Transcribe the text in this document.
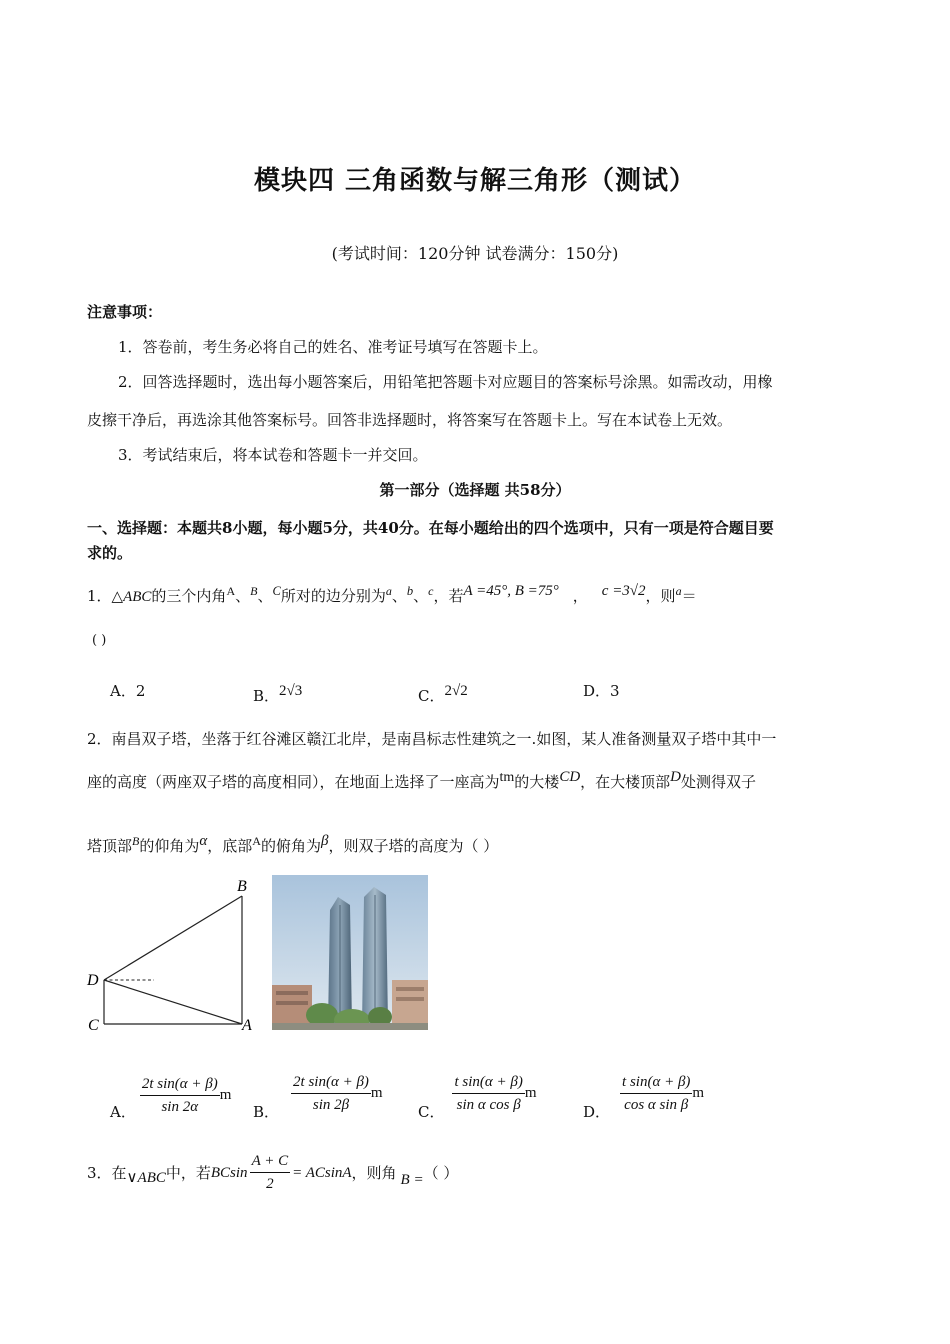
模块四 三角函数与解三角形（测试）
(考试时间：120分钟 试卷满分：150分)
注意事项：
1．答卷前，考生务必将自己的姓名、准考证号填写在答题卡上。
2．回答选择题时，选出每小题答案后，用铅笔把答题卡对应题目的答案标号涂黑。如需改动，用橡
皮擦干净后，再选涂其他答案标号。回答非选择题时，将答案写在答题卡上。写在本试卷上无效。
3．考试结束后，将本试卷和答题卡一并交回。
第一部分（选择题 共58分）
一、选择题：本题共8小题，每小题5分，共40分。在每小题给出的四个选项中，只有一项是符合题目要
求的。
1．△ABC的三个内角$^A$、$^B$、$^C$所对的边分别为$^a$、$^b$、$^c$，若$^{A =45^\circ, B =75^\circ}$ ， $^{c =3√2}$，则$^a$＝
( )
A．2	B．$^{2√3}$	C．$^{2√2}$	D．3
2．南昌双子塔，坐落于红谷滩区赣江北岸，是南昌标志性建筑之一.如图，某人准备测量双子塔中其中一
座的高度（两座双子塔的高度相同），在地面上选择了一座高为$^{tm}$的大楼$^{CD}$，在大楼顶部$^D$处测得双子
塔顶部$^B$的仰角为$^\alpha$，底部$^A$的俯角为$^\beta$，则双子塔的高度为（ ）
B
D
C	A
A． $\frac{\text{2t sin(α + β)}}{\sin 2\alpha}$ m
B． $\frac{\text{2t sin(α + β)}}{\sin 2\beta}$ m
C． $\frac{\text{t sin(α + β)}}{\text{sin α cos β}}$ m
D． $\frac{\text{t sin(α + β)}}{\text{cos α sin β}}$ m
3．在 ∨ABC 中，若 BCsin $\frac{A + C}{2} = ACsinA$ ，则角 B = （ ）
